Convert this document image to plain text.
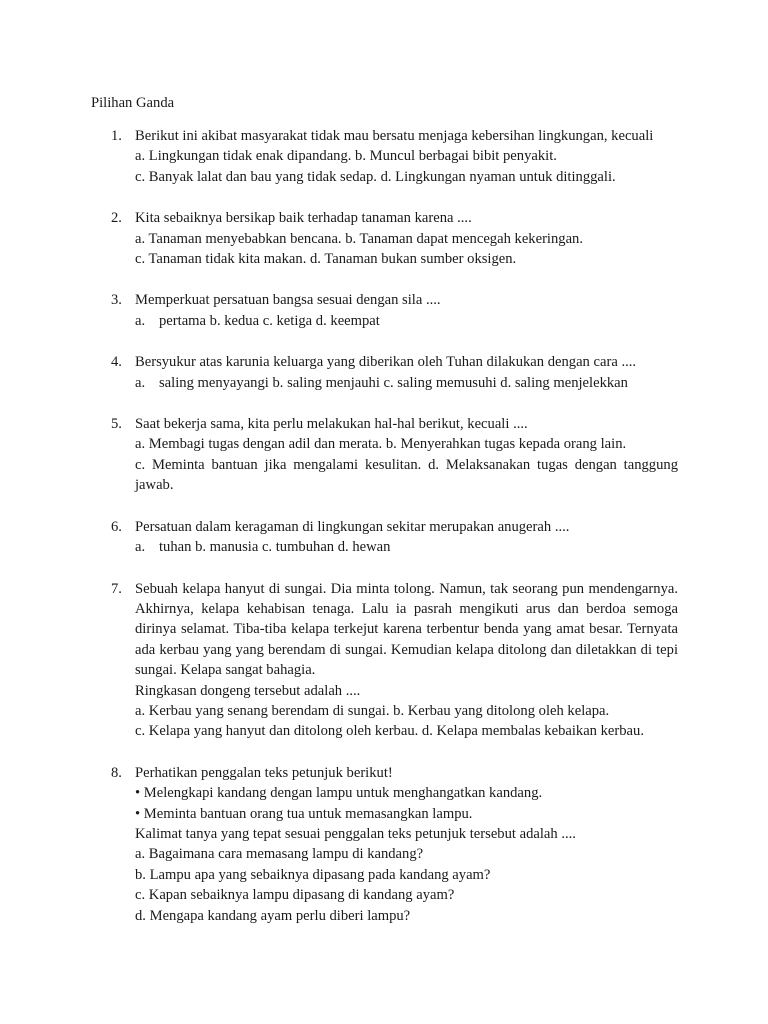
Pilihan Ganda
1. Berikut ini akibat masyarakat tidak mau bersatu menjaga kebersihan lingkungan, kecuali
a. Lingkungan tidak enak dipandang. b. Muncul berbagai bibit penyakit.
c. Banyak lalat dan bau yang tidak sedap. d. Lingkungan nyaman untuk ditinggali.
2. Kita sebaiknya bersikap baik terhadap tanaman karena ....
a. Tanaman menyebabkan bencana. b. Tanaman dapat mencegah kekeringan.
c. Tanaman tidak kita makan. d. Tanaman bukan sumber oksigen.
3. Memperkuat persatuan bangsa sesuai dengan sila ....
a. pertama b. kedua c. ketiga d. keempat
4. Bersyukur atas karunia keluarga yang diberikan oleh Tuhan dilakukan dengan cara ....
a. saling menyayangi b. saling menjauhi c. saling memusuhi d. saling menjelekkan
5. Saat bekerja sama, kita perlu melakukan hal-hal berikut, kecuali ....
a. Membagi tugas dengan adil dan merata. b. Menyerahkan tugas kepada orang lain.
c. Meminta bantuan jika mengalami kesulitan. d. Melaksanakan tugas dengan tanggung jawab.
6. Persatuan dalam keragaman di lingkungan sekitar merupakan anugerah ....
a. tuhan b. manusia c. tumbuhan d. hewan
7. Sebuah kelapa hanyut di sungai. Dia minta tolong. Namun, tak seorang pun mendengarnya. Akhirnya, kelapa kehabisan tenaga. Lalu ia pasrah mengikuti arus dan berdoa semoga dirinya selamat. Tiba-tiba kelapa terkejut karena terbentur benda yang amat besar. Ternyata ada kerbau yang yang berendam di sungai. Kemudian kelapa ditolong dan diletakkan di tepi sungai. Kelapa sangat bahagia.
Ringkasan dongeng tersebut adalah ....
a. Kerbau yang senang berendam di sungai. b. Kerbau yang ditolong oleh kelapa.
c. Kelapa yang hanyut dan ditolong oleh kerbau. d. Kelapa membalas kebaikan kerbau.
8. Perhatikan penggalan teks petunjuk berikut!
• Melengkapi kandang dengan lampu untuk menghangatkan kandang.
• Meminta bantuan orang tua untuk memasangkan lampu.
Kalimat tanya yang tepat sesuai penggalan teks petunjuk tersebut adalah ....
a. Bagaimana cara memasang lampu di kandang?
b. Lampu apa yang sebaiknya dipasang pada kandang ayam?
c. Kapan sebaiknya lampu dipasang di kandang ayam?
d. Mengapa kandang ayam perlu diberi lampu?
